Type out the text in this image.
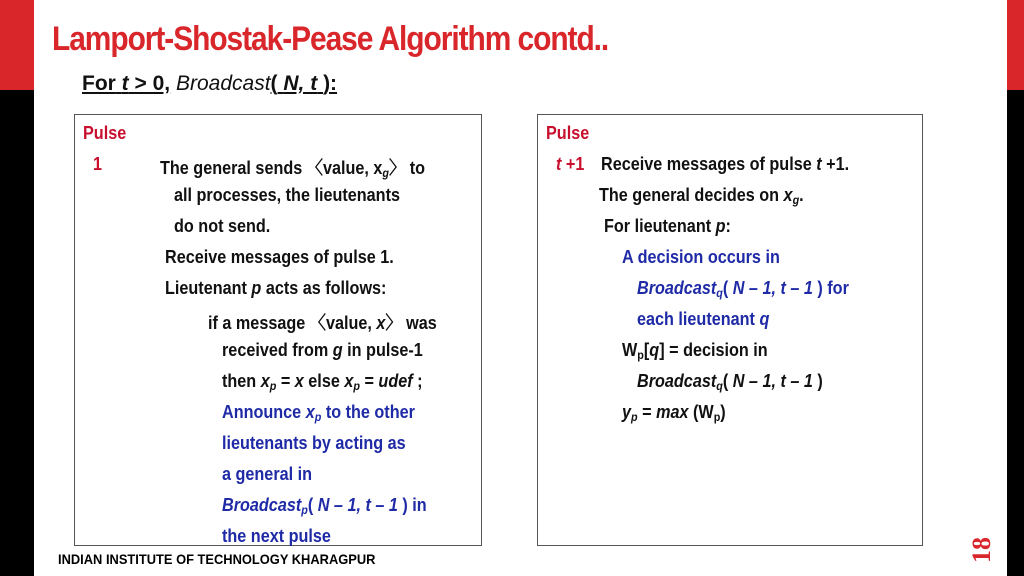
Lamport-Shostak-Pease Algorithm contd..
For t > 0, Broadcast( N, t ):
Pulse
1	The general sends 〈value, $x_g〉$ to
all processes, the lieutenants
do not send.
Receive messages of pulse 1.
Lieutenant p acts as follows:
if a message 〈value, x〉 was
received from g in pulse-1
then $x_p = x$ else $x_p$ = udef ;
Announce $x_p$ to the other
lieutenants by acting as
a general in
Broadcast$_p$( N – 1, t – 1 ) in
the next pulse
Pulse
t +1 Receive messages of pulse t +1.
The general decides on $x_g$.
For lieutenant p:
A decision occurs in
Broadcast$_q$( N – 1, t – 1 ) for
each lieutenant q
$W_p[q]$ = decision in
Broadcast$_q$( N – 1, t – 1 )
$y_p = \max (W_p)$
INDIAN INSTITUTE OF TECHNOLOGY KHARAGPUR	18
